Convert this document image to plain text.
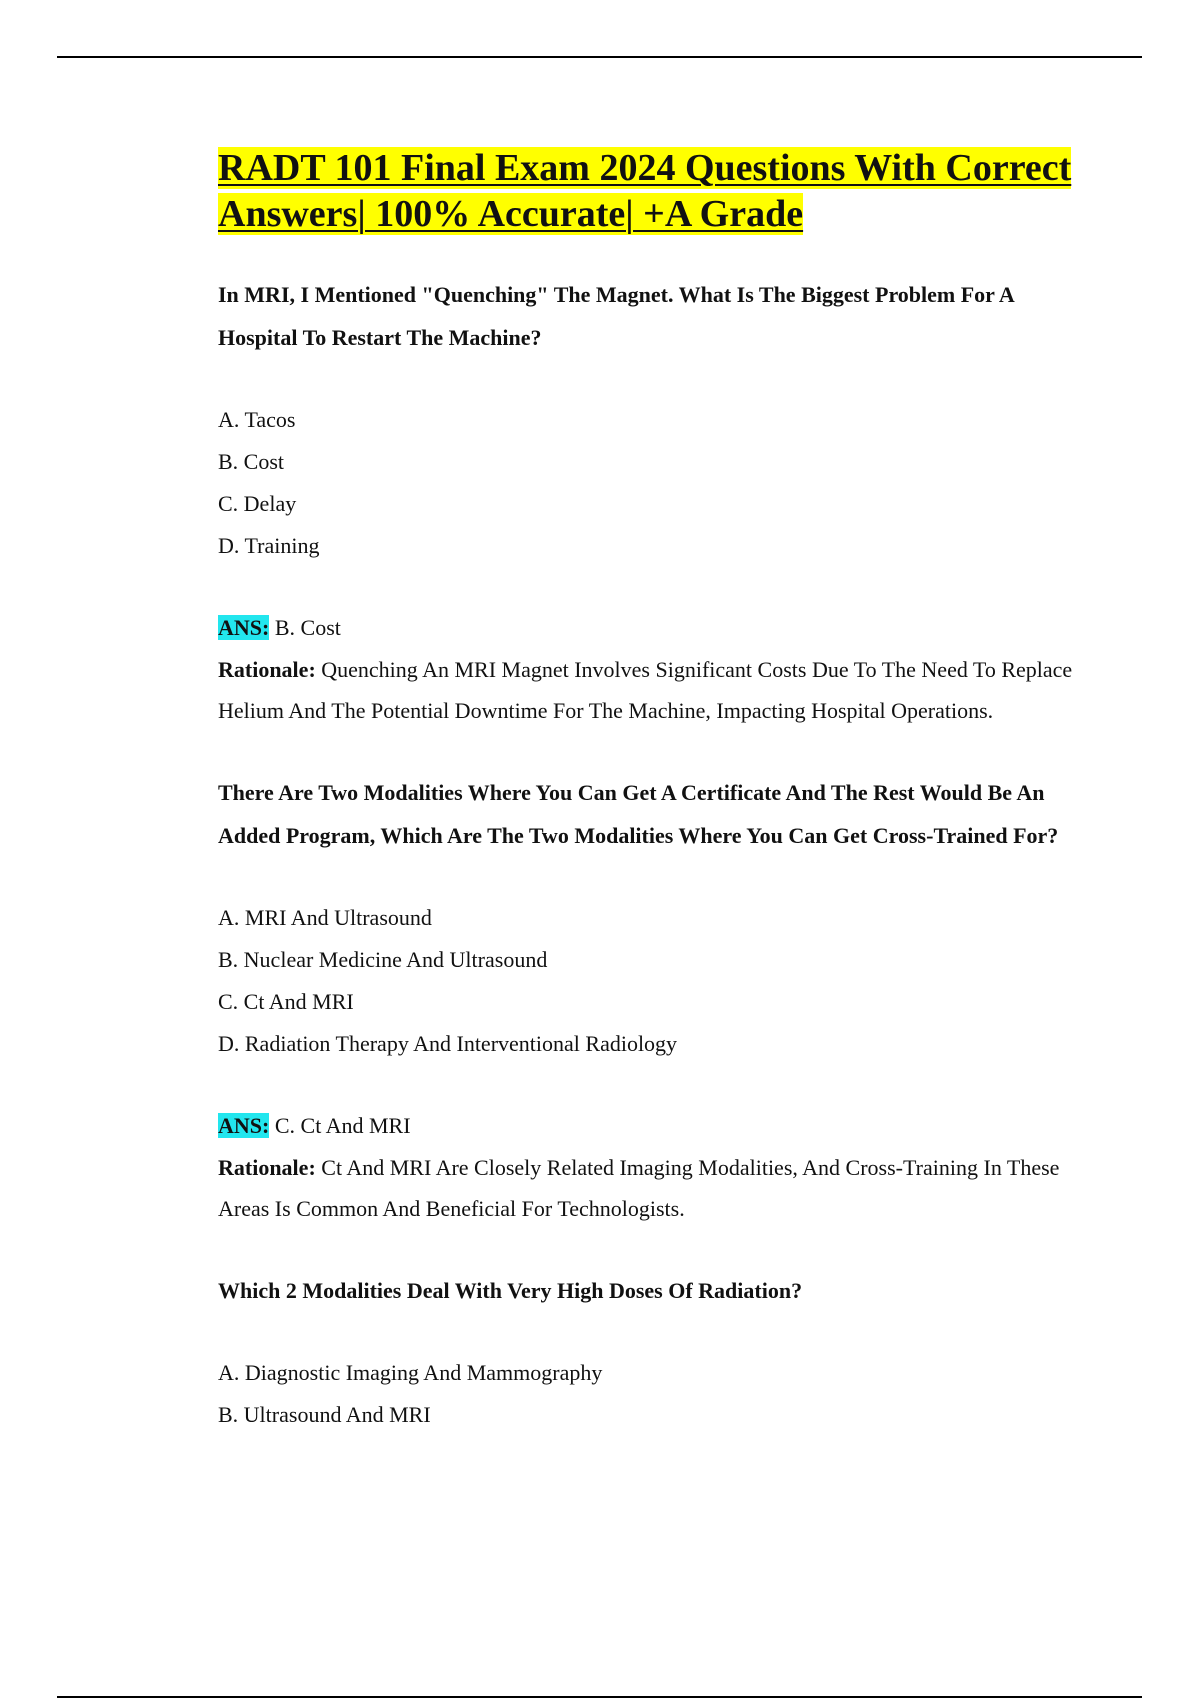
RADT 101 Final Exam 2024 Questions With Correct Answers| 100% Accurate| +A Grade

In MRI, I Mentioned "Quenching" The Magnet. What Is The Biggest Problem For A Hospital To Restart The Machine?

A. Tacos
B. Cost
C. Delay
D. Training

ANS: B. Cost

Rationale: Quenching An MRI Magnet Involves Significant Costs Due To The Need To Replace Helium And The Potential Downtime For The Machine, Impacting Hospital Operations.

There Are Two Modalities Where You Can Get A Certificate And The Rest Would Be An Added Program, Which Are The Two Modalities Where You Can Get Cross-Trained For?

A. MRI And Ultrasound
B. Nuclear Medicine And Ultrasound
C. Ct And MRI
D. Radiation Therapy And Interventional Radiology

ANS: C. Ct And MRI

Rationale: Ct And MRI Are Closely Related Imaging Modalities, And Cross-Training In These Areas Is Common And Beneficial For Technologists.

Which 2 Modalities Deal With Very High Doses Of Radiation?

A. Diagnostic Imaging And Mammography
B. Ultrasound And MRI
